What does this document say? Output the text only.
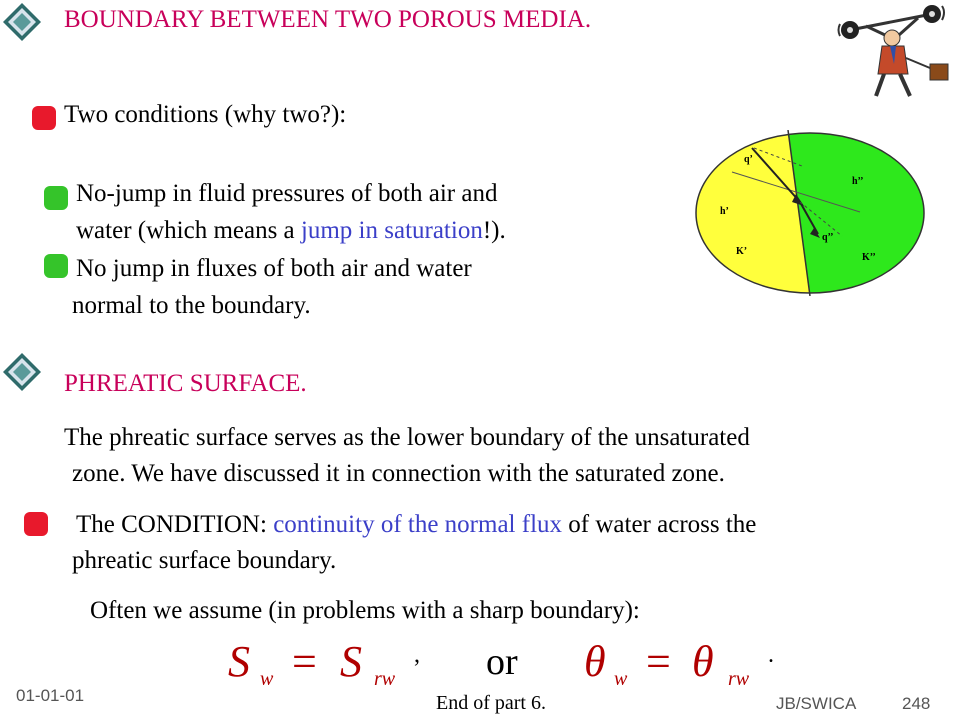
BOUNDARY BETWEEN TWO POROUS MEDIA.
Two conditions (why two?):
No-jump in fluid pressures of both air and
water (which means a jump in saturation!).
No jump in fluxes of both air and water
normal to the boundary.
q’
h’’
h’
q’’
K’
K’’
PHREATIC SURFACE.
The phreatic surface serves as the lower boundary of the unsaturated
zone. We have discussed it in connection with the saturated zone.
The CONDITION: continuity of the normal flux of water across the
phreatic surface boundary.
Often we assume (in problems with a sharp boundary):
S w = S rw
, or θ w = θ rw
.
01-01-01	End of part 6.	JB/SWICA	248
